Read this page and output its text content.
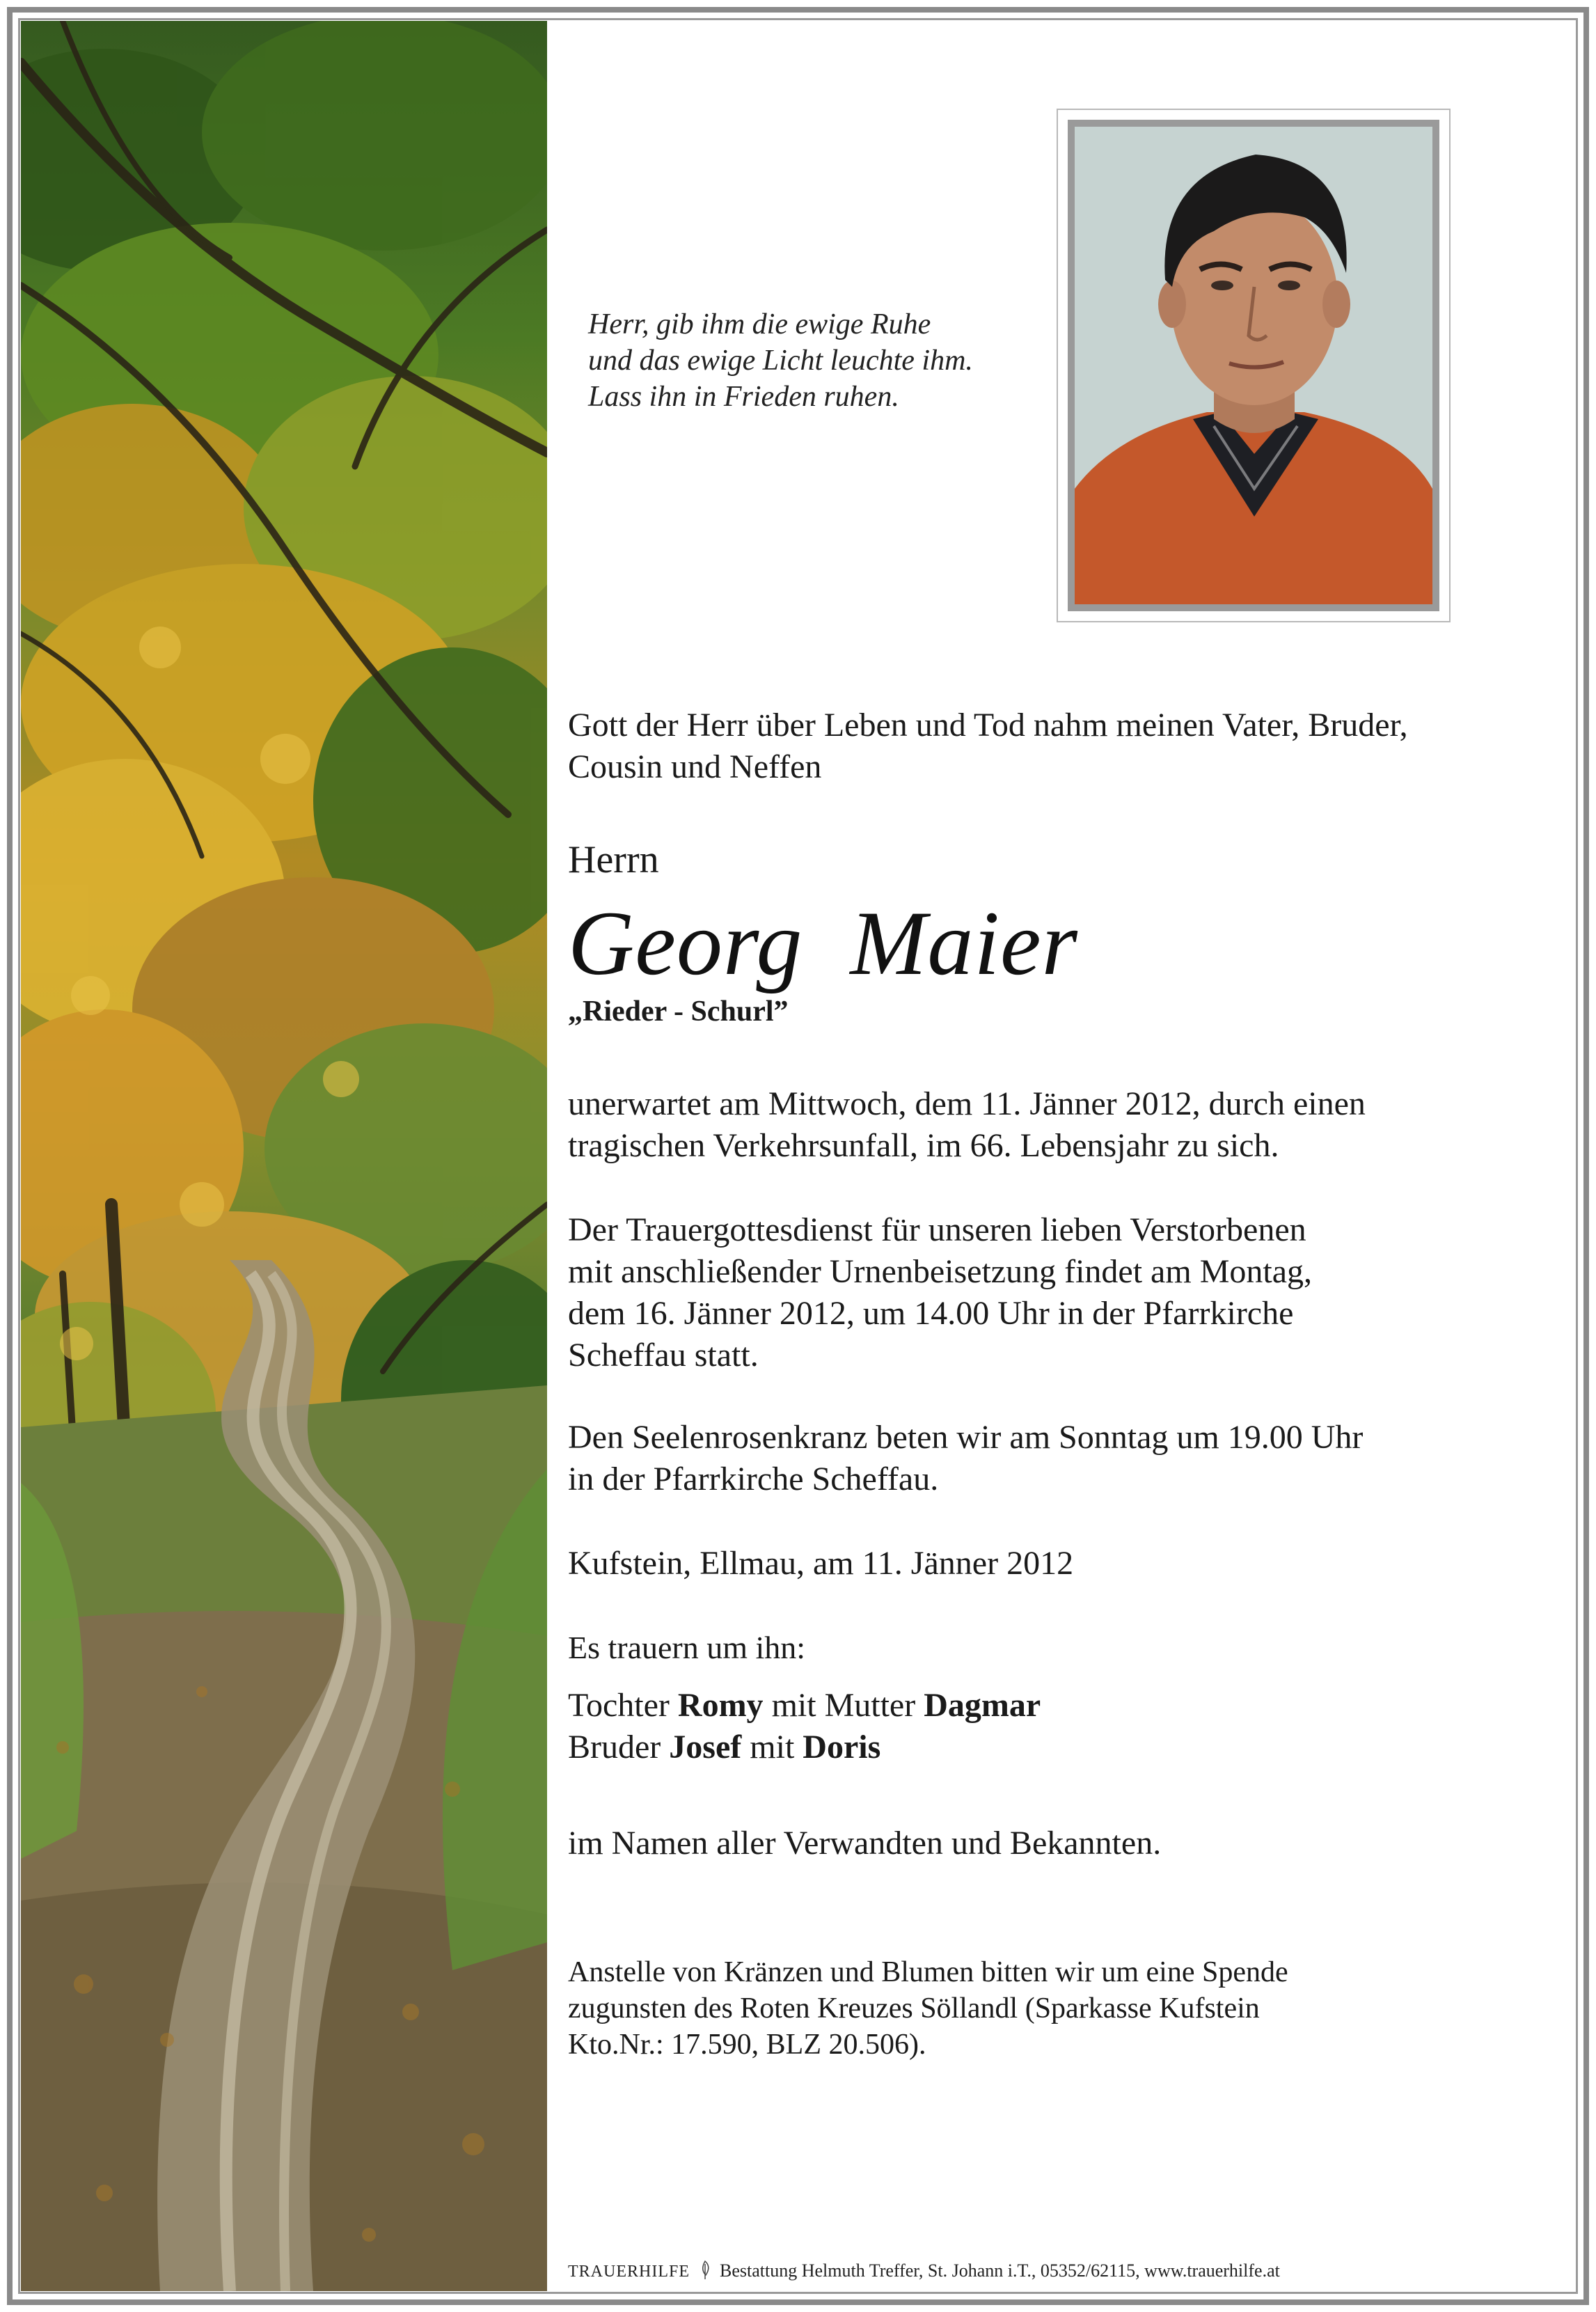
Herr, gib ihm die ewige Ruhe
und das ewige Licht leuchte ihm.
Lass ihn in Frieden ruhen.
Gott der Herr über Leben und Tod nahm meinen Vater, Bruder,
Cousin und Neffen
Herrn
Georg  Maier
„Rieder - Schurl”
unerwartet am Mittwoch, dem 11. Jänner 2012, durch einen
tragischen Verkehrsunfall, im 66. Lebensjahr zu sich.
Der Trauergottesdienst für unseren lieben Verstorbenen
mit anschließender Urnenbeisetzung findet am Montag,
dem 16. Jänner 2012, um 14.00 Uhr in der Pfarrkirche
Scheffau statt.
Den Seelenrosenkranz beten wir am Sonntag um 19.00 Uhr
in der Pfarrkirche Scheffau.
Kufstein, Ellmau, am 11. Jänner 2012
Es trauern um ihn:
Tochter Romy mit Mutter Dagmar
Bruder Josef mit Doris
im Namen aller Verwandten und Bekannten.
Anstelle von Kränzen und Blumen bitten wir um eine Spende
zugunsten des Roten Kreuzes Söllandl (Sparkasse Kufstein
Kto.Nr.: 17.590, BLZ 20.506).
TRAUERHILFE Bestattung Helmuth Treffer, St. Johann i.T., 05352/62115, www.trauerhilfe.at
